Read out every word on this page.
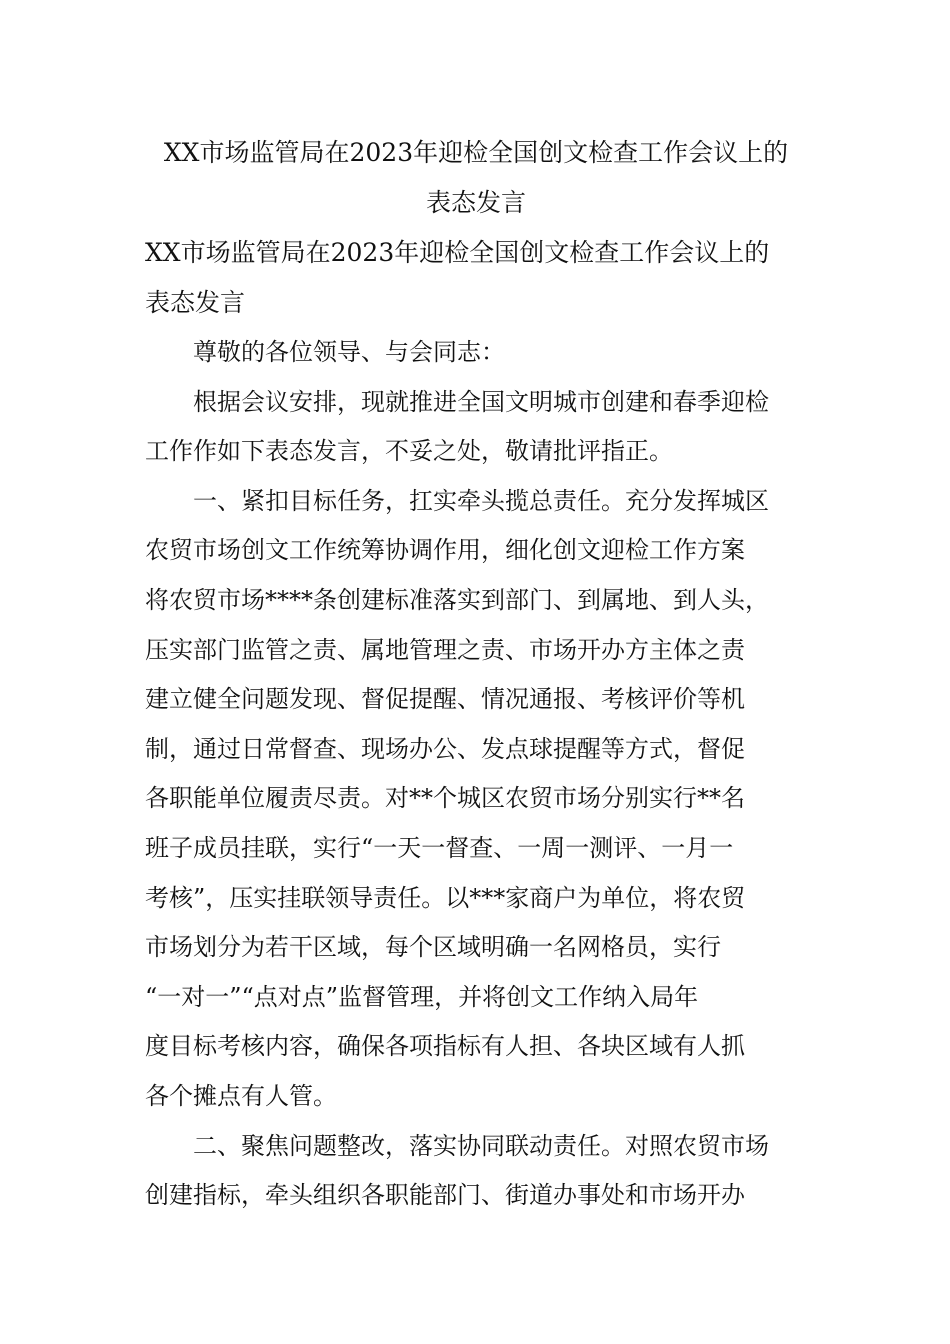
XX市场监管局在2023年迎检全国创文检查工作会议上的
表态发言

XX市场监管局在2023年迎检全国创文检查工作会议上的
表态发言

尊敬的各位领导、与会同志：

根据会议安排，现就推进全国文明城市创建和春季迎检
工作作如下表态发言，不妥之处，敬请批评指正。

一、紧扣目标任务，扛实牵头揽总责任。充分发挥城区
农贸市场创文工作统筹协调作用，细化创文迎检工作方案
将农贸市场****条创建标准落实到部门、到属地、到人头，
压实部门监管之责、属地管理之责、市场开办方主体之责
建立健全问题发现、督促提醒、情况通报、考核评价等机
制，通过日常督查、现场办公、发点球提醒等方式，督促
各职能单位履责尽责。对**个城区农贸市场分别实行**名
班子成员挂联，实行“一天一督查、一周一测评、一月一
考核”，压实挂联领导责任。以***家商户为单位，将农贸
市场划分为若干区域，每个区域明确一名网格员，实行
“一对一”“点对点”监督管理，并将创文工作纳入局年
度目标考核内容，确保各项指标有人担、各块区域有人抓
各个摊点有人管。

二、聚焦问题整改，落实协同联动责任。对照农贸市场
创建指标，牵头组织各职能部门、街道办事处和市场开办
